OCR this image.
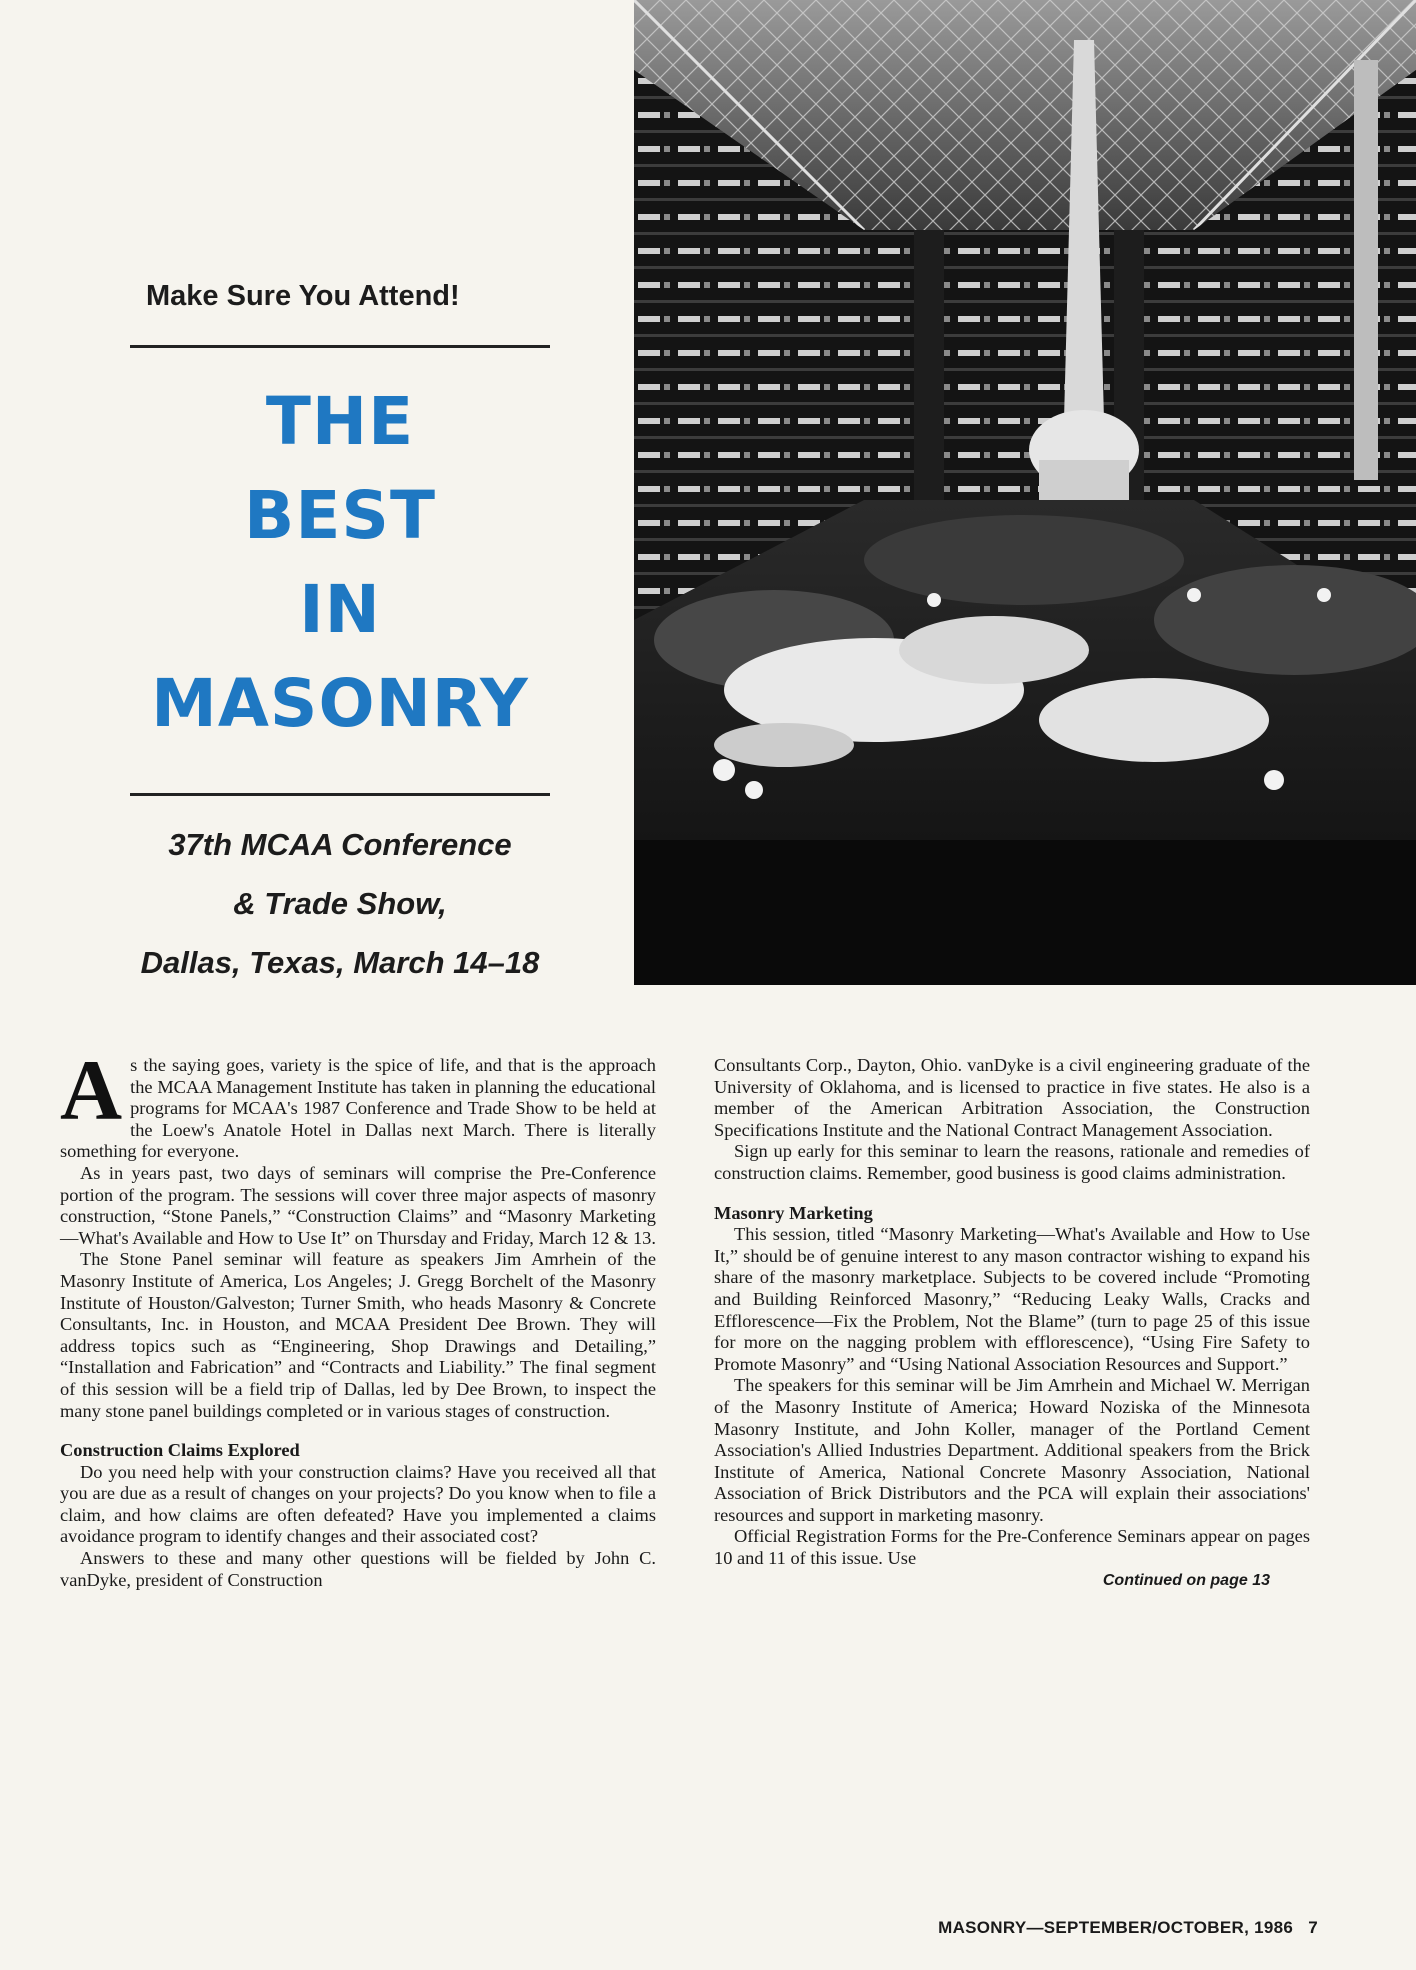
Make Sure You Attend!
THE
BEST
IN
MASONRY
37th MCAA Conference
& Trade Show,
Dallas, Texas, March 14–18

As the saying goes, variety is the spice of life, and that is the approach the MCAA Management Institute has taken in planning the educational programs for MCAA's 1987 Conference and Trade Show to be held at the Loew's Anatole Hotel in Dallas next March. There is literally something for everyone.

As in years past, two days of seminars will comprise the Pre-Conference portion of the program. The sessions will cover three major aspects of masonry construction, “Stone Panels,” “Construction Claims” and “Masonry Marketing—What's Available and How to Use It” on Thursday and Friday, March 12 & 13.

The Stone Panel seminar will feature as speakers Jim Amrhein of the Masonry Institute of America, Los Angeles; J. Gregg Borchelt of the Masonry Institute of Houston/Galveston; Turner Smith, who heads Masonry & Concrete Consultants, Inc. in Houston, and MCAA President Dee Brown. They will address topics such as “Engineering, Shop Drawings and Detailing,” “Installation and Fabrication” and “Contracts and Liability.” The final segment of this session will be a field trip of Dallas, led by Dee Brown, to inspect the many stone panel buildings completed or in various stages of construction.

Construction Claims Explored

Do you need help with your construction claims? Have you received all that you are due as a result of changes on your projects? Do you know when to file a claim, and how claims are often defeated? Have you implemented a claims avoidance program to identify changes and their associated cost?

Answers to these and many other questions will be fielded by John C. vanDyke, president of Construction

Consultants Corp., Dayton, Ohio. vanDyke is a civil engineering graduate of the University of Oklahoma, and is licensed to practice in five states. He also is a member of the American Arbitration Association, the Construction Specifications Institute and the National Contract Management Association.

Sign up early for this seminar to learn the reasons, rationale and remedies of construction claims. Remember, good business is good claims administration.

Masonry Marketing

This session, titled “Masonry Marketing—What's Available and How to Use It,” should be of genuine interest to any mason contractor wishing to expand his share of the masonry marketplace. Subjects to be covered include “Promoting and Building Reinforced Masonry,” “Reducing Leaky Walls, Cracks and Efflorescence—Fix the Problem, Not the Blame” (turn to page 25 of this issue for more on the nagging problem with efflorescence), “Using Fire Safety to Promote Masonry” and “Using National Association Resources and Support.”

The speakers for this seminar will be Jim Amrhein and Michael W. Merrigan of the Masonry Institute of America; Howard Noziska of the Minnesota Masonry Institute, and John Koller, manager of the Portland Cement Association's Allied Industries Department. Additional speakers from the Brick Institute of America, National Concrete Masonry Association, National Association of Brick Distributors and the PCA will explain their associations' resources and support in marketing masonry.

Official Registration Forms for the Pre-Conference Seminars appear on pages 10 and 11 of this issue. Use

Continued on page 13
MASONRY—SEPTEMBER/OCTOBER, 1986 7
